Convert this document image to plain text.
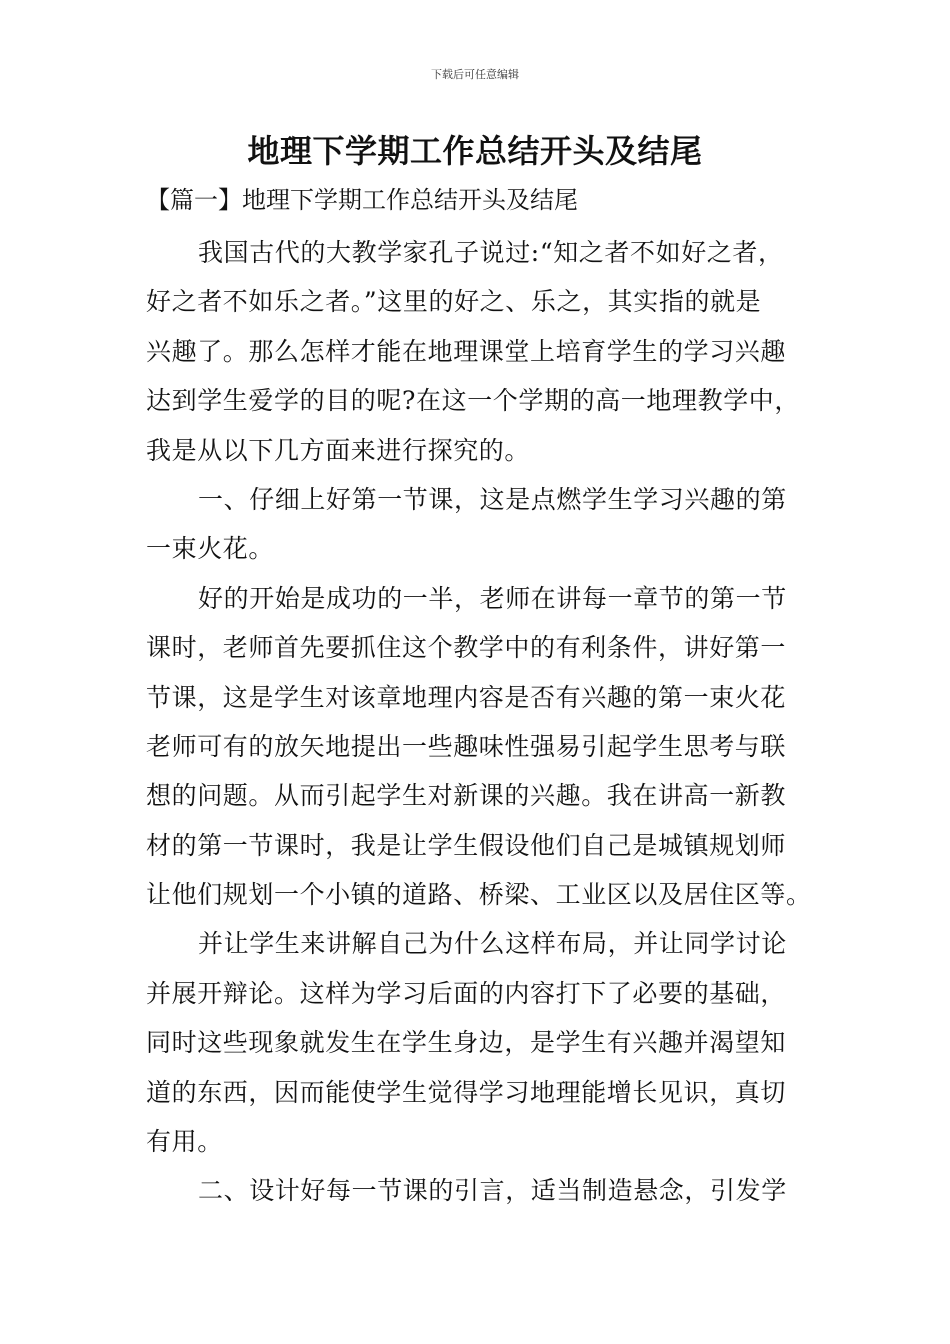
下载后可任意编辑
地理下学期工作总结开头及结尾
【篇一】地理下学期工作总结开头及结尾
我国古代的大教学家孔子说过:“知之者不如好之者，
好之者不如乐之者。”这里的好之、乐之，其实指的就是
兴趣了。那么怎样才能在地理课堂上培育学生的学习兴趣
达到学生爱学的目的呢?在这一个学期的高一地理教学中，
我是从以下几方面来进行探究的。
一、仔细上好第一节课，这是点燃学生学习兴趣的第
一束火花。
好的开始是成功的一半，老师在讲每一章节的第一节
课时，老师首先要抓住这个教学中的有利条件，讲好第一
节课，这是学生对该章地理内容是否有兴趣的第一束火花
老师可有的放矢地提出一些趣味性强易引起学生思考与联
想的问题。从而引起学生对新课的兴趣。我在讲高一新教
材的第一节课时，我是让学生假设他们自己是城镇规划师
让他们规划一个小镇的道路、桥梁、工业区以及居住区等。
并让学生来讲解自己为什么这样布局，并让同学讨论
并展开辩论。这样为学习后面的内容打下了必要的基础，
同时这些现象就发生在学生身边，是学生有兴趣并渴望知
道的东西，因而能使学生觉得学习地理能增长见识，真切
有用。
二、设计好每一节课的引言，适当制造悬念，引发学
